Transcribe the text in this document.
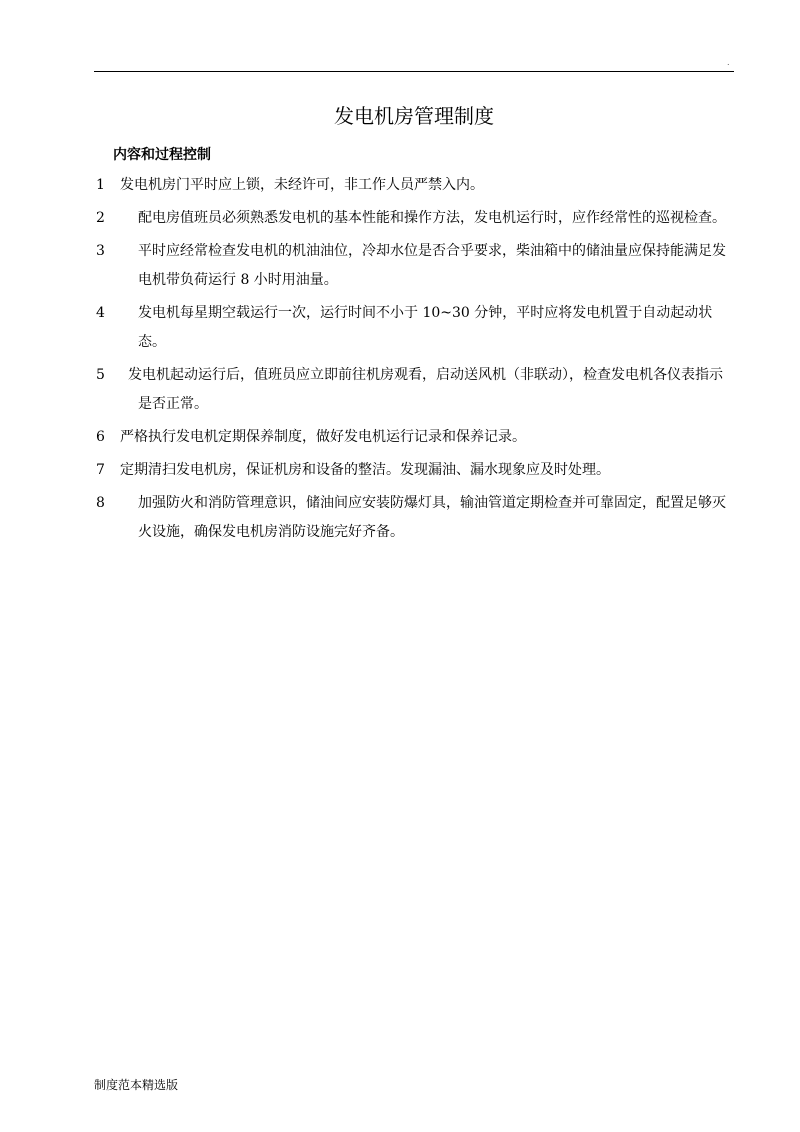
.
发电机房管理制度
内容和过程控制
1	发电机房门平时应上锁，未经许可，非工作人员严禁入内。
2	配电房值班员必须熟悉发电机的基本性能和操作方法，发电机运行时，应作经常性的巡视检查。
3	平时应经常检查发电机的机油油位，冷却水位是否合乎要求，柴油箱中的储油量应保持能满足发电机带负荷运行 8 小时用油量。
4	发电机每星期空载运行一次，运行时间不小于 10~30 分钟，平时应将发电机置于自动起动状态。
5	发电机起动运行后，值班员应立即前往机房观看，启动送风机（非联动），检查发电机各仪表指示是否正常。
6	严格执行发电机定期保养制度，做好发电机运行记录和保养记录。
7	定期清扫发电机房，保证机房和设备的整洁。发现漏油、漏水现象应及时处理。
8	加强防火和消防管理意识，储油间应安装防爆灯具，输油管道定期检查并可靠固定，配置足够灭火设施，确保发电机房消防设施完好齐备。
制度范本精选版
